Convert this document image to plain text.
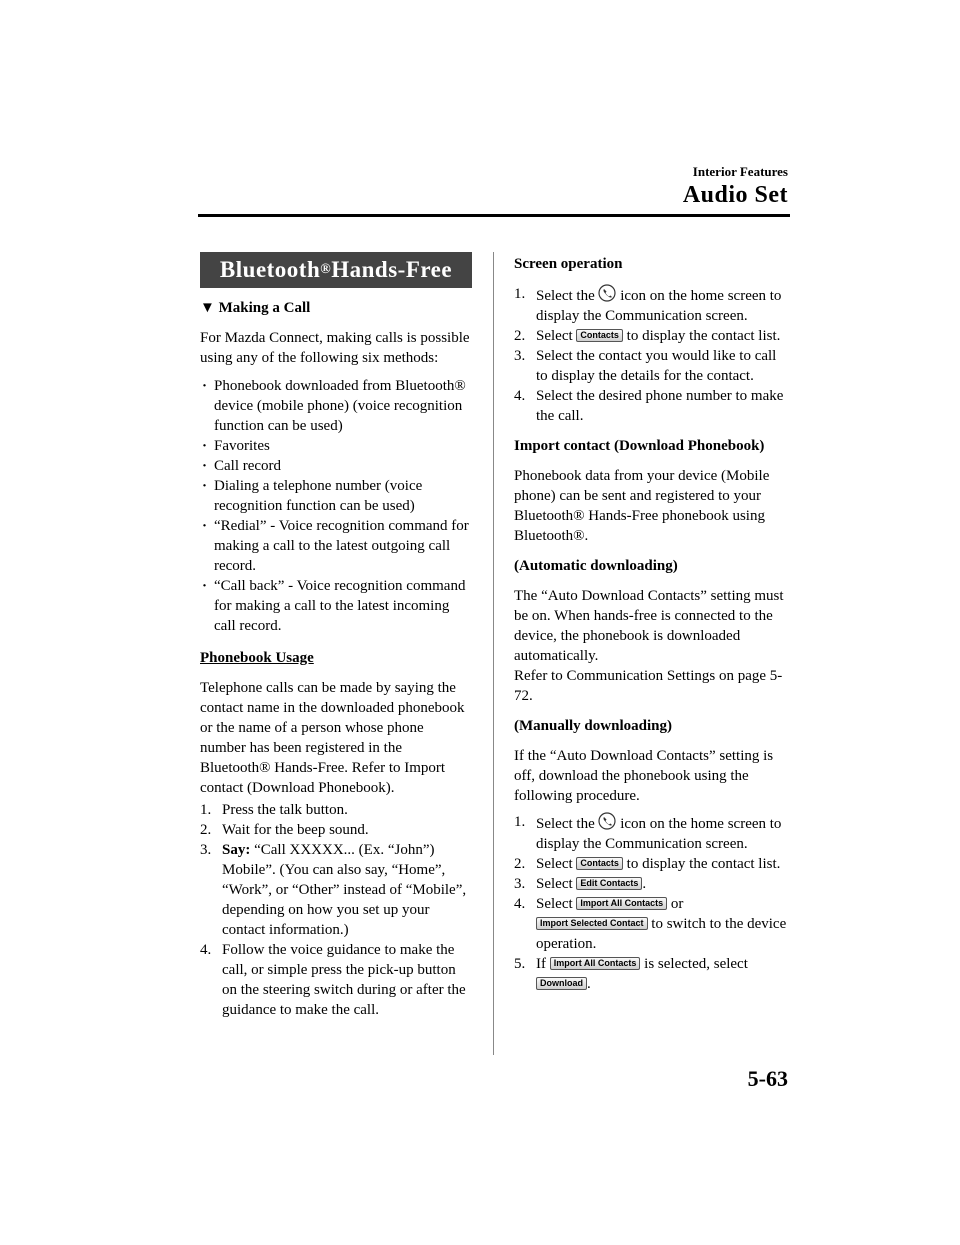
Interior Features
Audio Set
Bluetooth ® Hands-Free
▼ Making a Call
For Mazda Connect, making calls is possible using any of the following six methods:
· Phonebook downloaded from Bluetooth® device (mobile phone) (voice recognition function can be used)
· Favorites
· Call record
· Dialing a telephone number (voice recognition function can be used)
· “Redial” - Voice recognition command for making a call to the latest outgoing call record.
· “Call back” - Voice recognition command for making a call to the latest incoming call record.
Phonebook Usage
Telephone calls can be made by saying the contact name in the downloaded phonebook or the name of a person whose phone number has been registered in the Bluetooth® Hands-Free. Refer to Import contact (Download Phonebook).
1. Press the talk button.
2. Wait for the beep sound.
3. Say: “Call XXXXX... (Ex. “John”) Mobile”. (You can also say, “Home”, “Work”, or “Other” instead of “Mobile”, depending on how you set up your contact information.)
4. Follow the voice guidance to make the call, or simple press the pick-up button on the steering switch during or after the guidance to make the call.
Screen operation
1. Select the icon on the home screen to display the Communication screen.
2. Select Contacts to display the contact list.
3. Select the contact you would like to call to display the details for the contact.
4. Select the desired phone number to make the call.
Import contact (Download Phonebook)
Phonebook data from your device (Mobile phone) can be sent and registered to your Bluetooth® Hands-Free phonebook using Bluetooth®.
(Automatic downloading)
The “Auto Download Contacts” setting must be on. When hands-free is connected to the device, the phonebook is downloaded automatically.
Refer to Communication Settings on page 5-72.
(Manually downloading)
If the “Auto Download Contacts” setting is off, download the phonebook using the following procedure.
1. Select the icon on the home screen to display the Communication screen.
2. Select Contacts to display the contact list.
3. Select Edit Contacts .
4. Select Import All Contacts or
Import Selected Contact to switch to the device operation.
5. If Import All Contacts is selected, select
Download .
5-63
